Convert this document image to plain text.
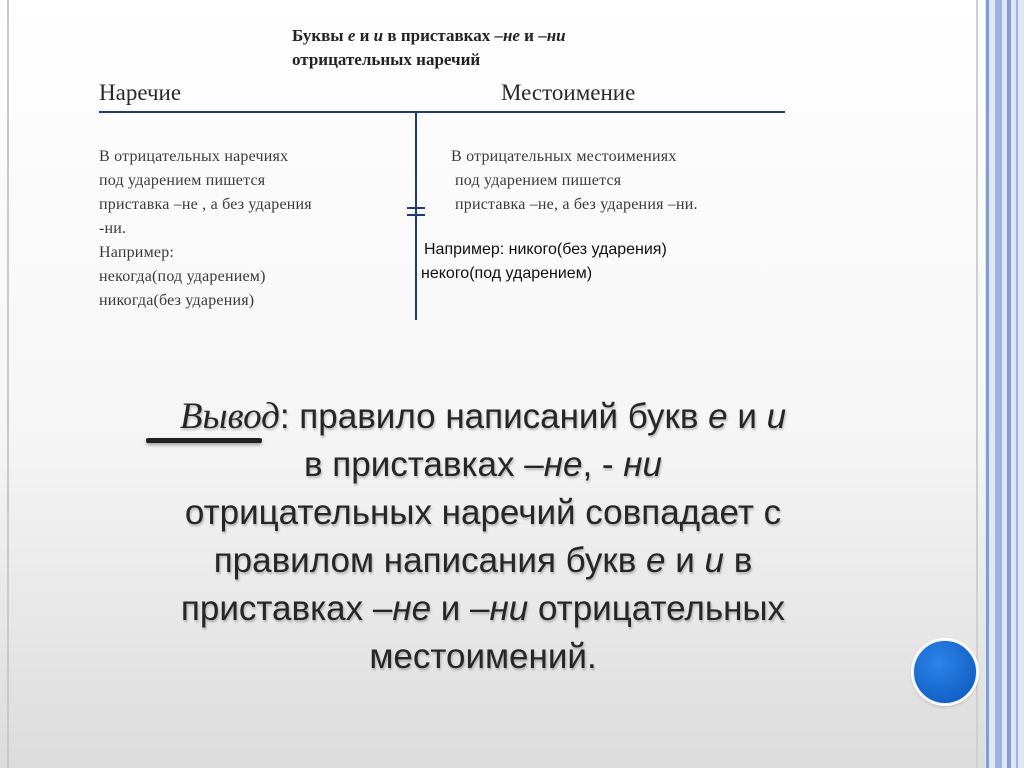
Буквы е и и в приставках –не и –ни
отрицательных наречий
Наречие	Местоимение
В отрицательных наречиях
под ударением пишется
приставка –не , а без ударения
-ни.
Например:
некогда(под ударением)
никогда(без ударения)
В отрицательных местоимениях
под ударением пишется
приставка –не, а без ударения –ни.
Например: никого(без ударения)
некого(под ударением)
Вывод: правило написаний букв е и и
в приставках –не, - ни
отрицательных наречий совпадает с
правилом написания букв е и и в
приставках –не и –ни отрицательных
местоимений.
